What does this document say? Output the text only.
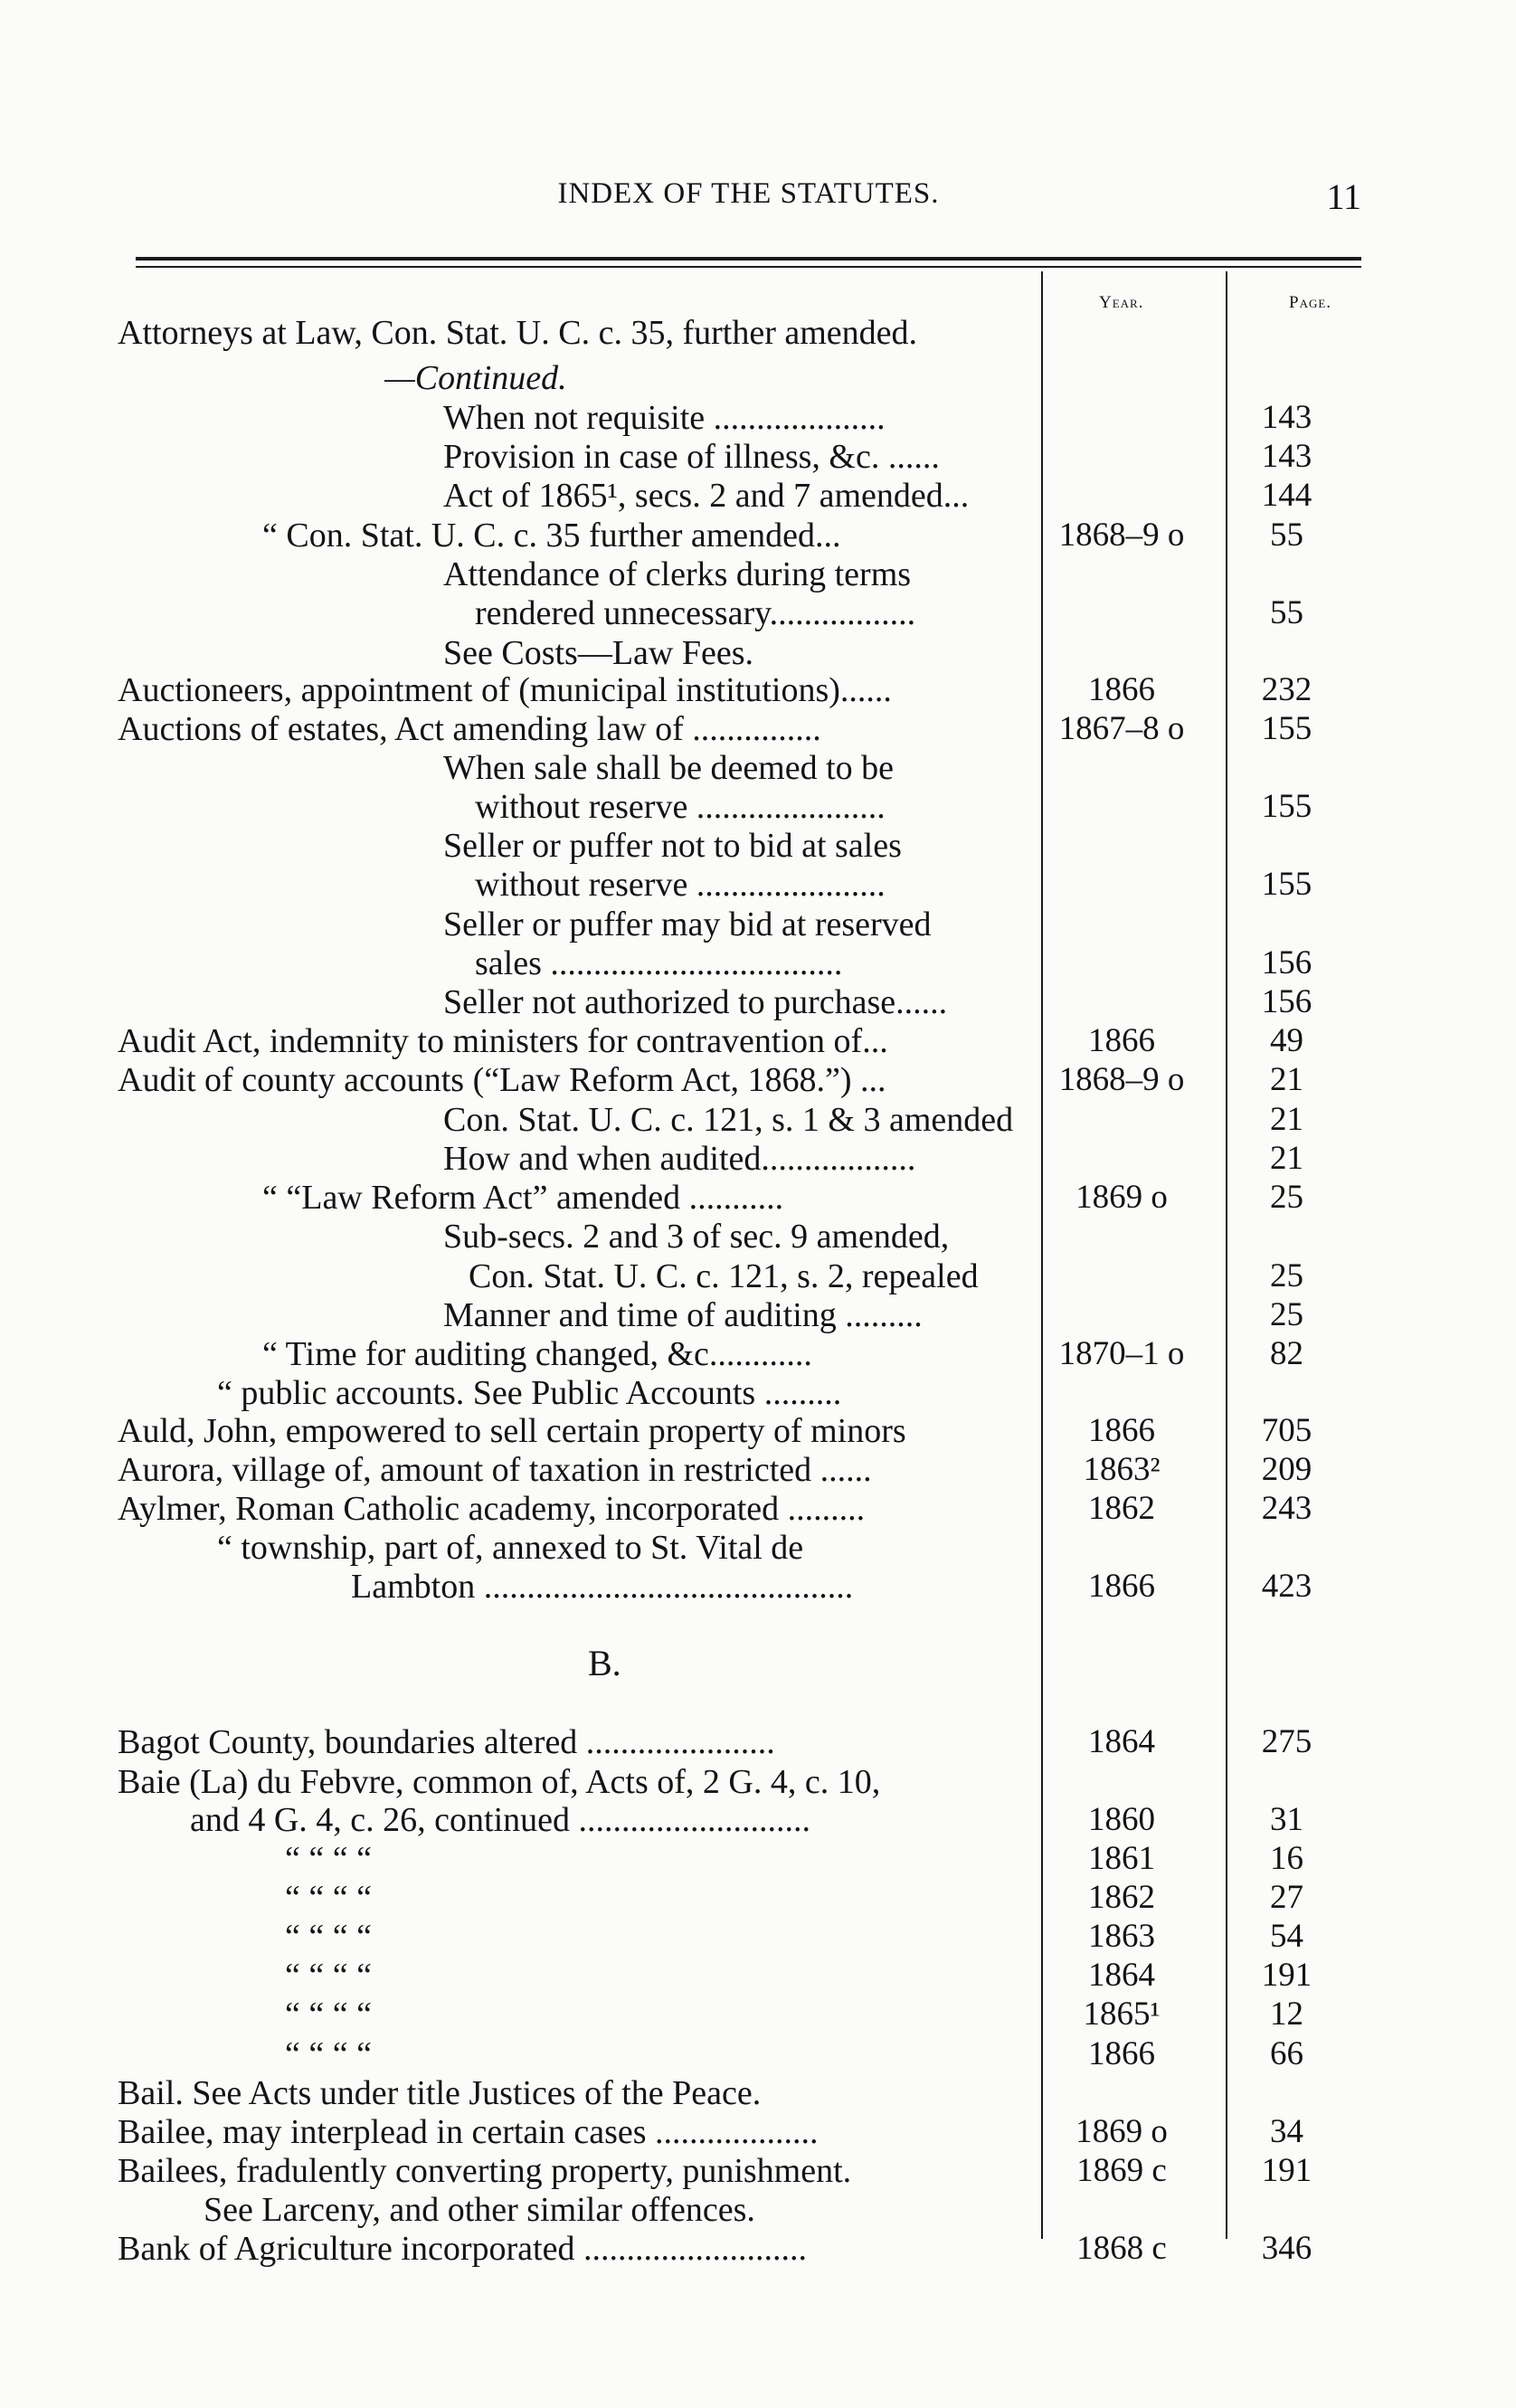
INDEX OF THE STATUTES.	11
Year.	Page.
B.
Attorneys at Law, Con. Stat. U. C. c. 35, further amended.
—Continued.
When not requisite ....................	143
Provision in case of illness, &c. ......	143
Act of 1865¹, secs. 2 and 7 amended...	144
“ Con. Stat. U. C. c. 35 further amended...	1868–9 o	55
Attendance of clerks during terms
rendered unnecessary.................	55
See Costs—Law Fees.
Auctioneers, appointment of (municipal institutions)......	1866	232
Auctions of estates, Act amending law of ...............	1867–8 o	155
When sale shall be deemed to be
without reserve ......................	155
Seller or puffer not to bid at sales
without reserve ......................	155
Seller or puffer may bid at reserved
sales ..................................	156
Seller not authorized to purchase......	156
Audit Act, indemnity to ministers for contravention of...	1866	49
Audit of county accounts (“Law Reform Act, 1868.”) ...	1868–9 o	21
Con. Stat. U. C. c. 121, s. 1 & 3 amended	21
How and when audited..................	21
“ “Law Reform Act” amended ...........	1869 o	25
Sub-secs. 2 and 3 of sec. 9 amended,
Con. Stat. U. C. c. 121, s. 2, repealed	25
Manner and time of auditing .........	25
“ Time for auditing changed, &c............	1870–1 o	82
“ public accounts. See Public Accounts .........
Auld, John, empowered to sell certain property of minors	1866	705
Aurora, village of, amount of taxation in restricted ......	1863²	209
Aylmer, Roman Catholic academy, incorporated .........	1862	243
“ township, part of, annexed to St. Vital de
Lambton ...........................................	1866	423
Bagot County, boundaries altered ......................	1864	275
Baie (La) du Febvre, common of, Acts of, 2 G. 4, c. 10,
and 4 G. 4, c. 26, continued ...........................	1860	31
“ “ “ “	1861	16
“ “ “ “	1862	27
“ “ “ “	1863	54
“ “ “ “	1864	191
“ “ “ “	1865¹	12
“ “ “ “	1866	66
Bail. See Acts under title Justices of the Peace.
Bailee, may interplead in certain cases ...................	1869 o	34
Bailees, fradulently converting property, punishment.	1869 c	191
See Larceny, and other similar offences.
Bank of Agriculture incorporated ..........................	1868 c	346
